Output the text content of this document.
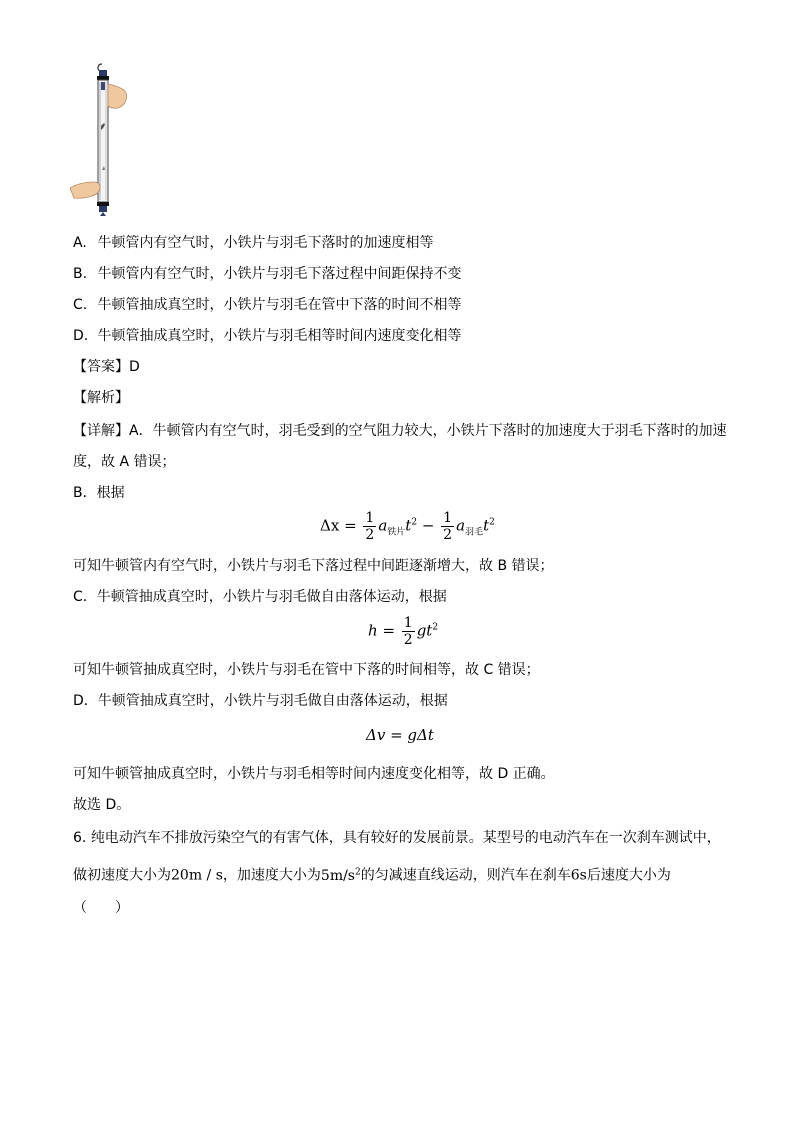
A. 牛顿管内有空气时，小铁片与羽毛下落时的加速度相等
B. 牛顿管内有空气时，小铁片与羽毛下落过程中间距保持不变
C. 牛顿管抽成真空时，小铁片与羽毛在管中下落的时间不相等
D. 牛顿管抽成真空时，小铁片与羽毛相等时间内速度变化相等
【答案】D
【解析】
【详解】A．牛顿管内有空气时，羽毛受到的空气阻力较大，小铁片下落时的加速度大于羽毛下落时的加速
度，故 A 错误；
B．根据
$\Delta x = \frac{1}{2} a_{铁片}t^2 - \frac{1}{2} a_{羽毛}t^2$
可知牛顿管内有空气时，小铁片与羽毛下落过程中间距逐渐增大，故 B 错误；
C．牛顿管抽成真空时，小铁片与羽毛做自由落体运动，根据
$h = \frac{1}{2} gt^2$
可知牛顿管抽成真空时，小铁片与羽毛在管中下落的时间相等，故 C 错误；
D．牛顿管抽成真空时，小铁片与羽毛做自由落体运动，根据
Δv = gΔt
可知牛顿管抽成真空时，小铁片与羽毛相等时间内速度变化相等，故 D 正确。
故选 D。
6. 纯电动汽车不排放污染空气的有害气体，具有较好的发展前景。某型号的电动汽车在一次刹车测试中，
做初速度大小为20m / s，加速度大小为$5m/s^2$的匀减速直线运动，则汽车在刹车6s后速度大小为
（　　）
